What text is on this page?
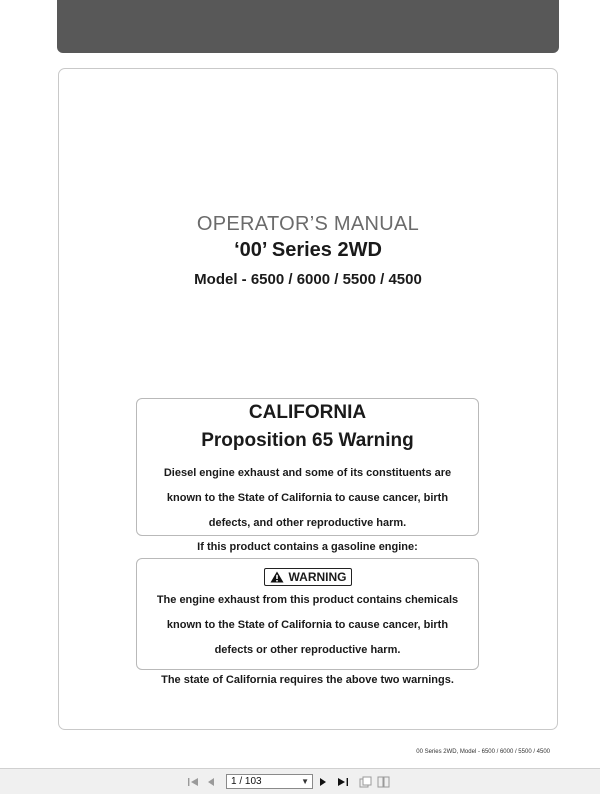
OPERATOR’S MANUAL
‘00’ Series 2WD
Model - 6500 / 6000 / 5500 / 4500
CALIFORNIA
Proposition 65 Warning

Diesel engine exhaust and some of its constituents are

known to the State of California to cause cancer, birth

defects, and other reproductive harm.

If this product contains a gasoline engine:
WARNING

The engine exhaust from this product contains chemicals

known to the State of California to cause cancer, birth

defects or other reproductive harm.

The state of California requires the above two warnings.
00 Series 2WD, Model - 6500 / 6000 / 5500 / 4500
1 / 103	▼
